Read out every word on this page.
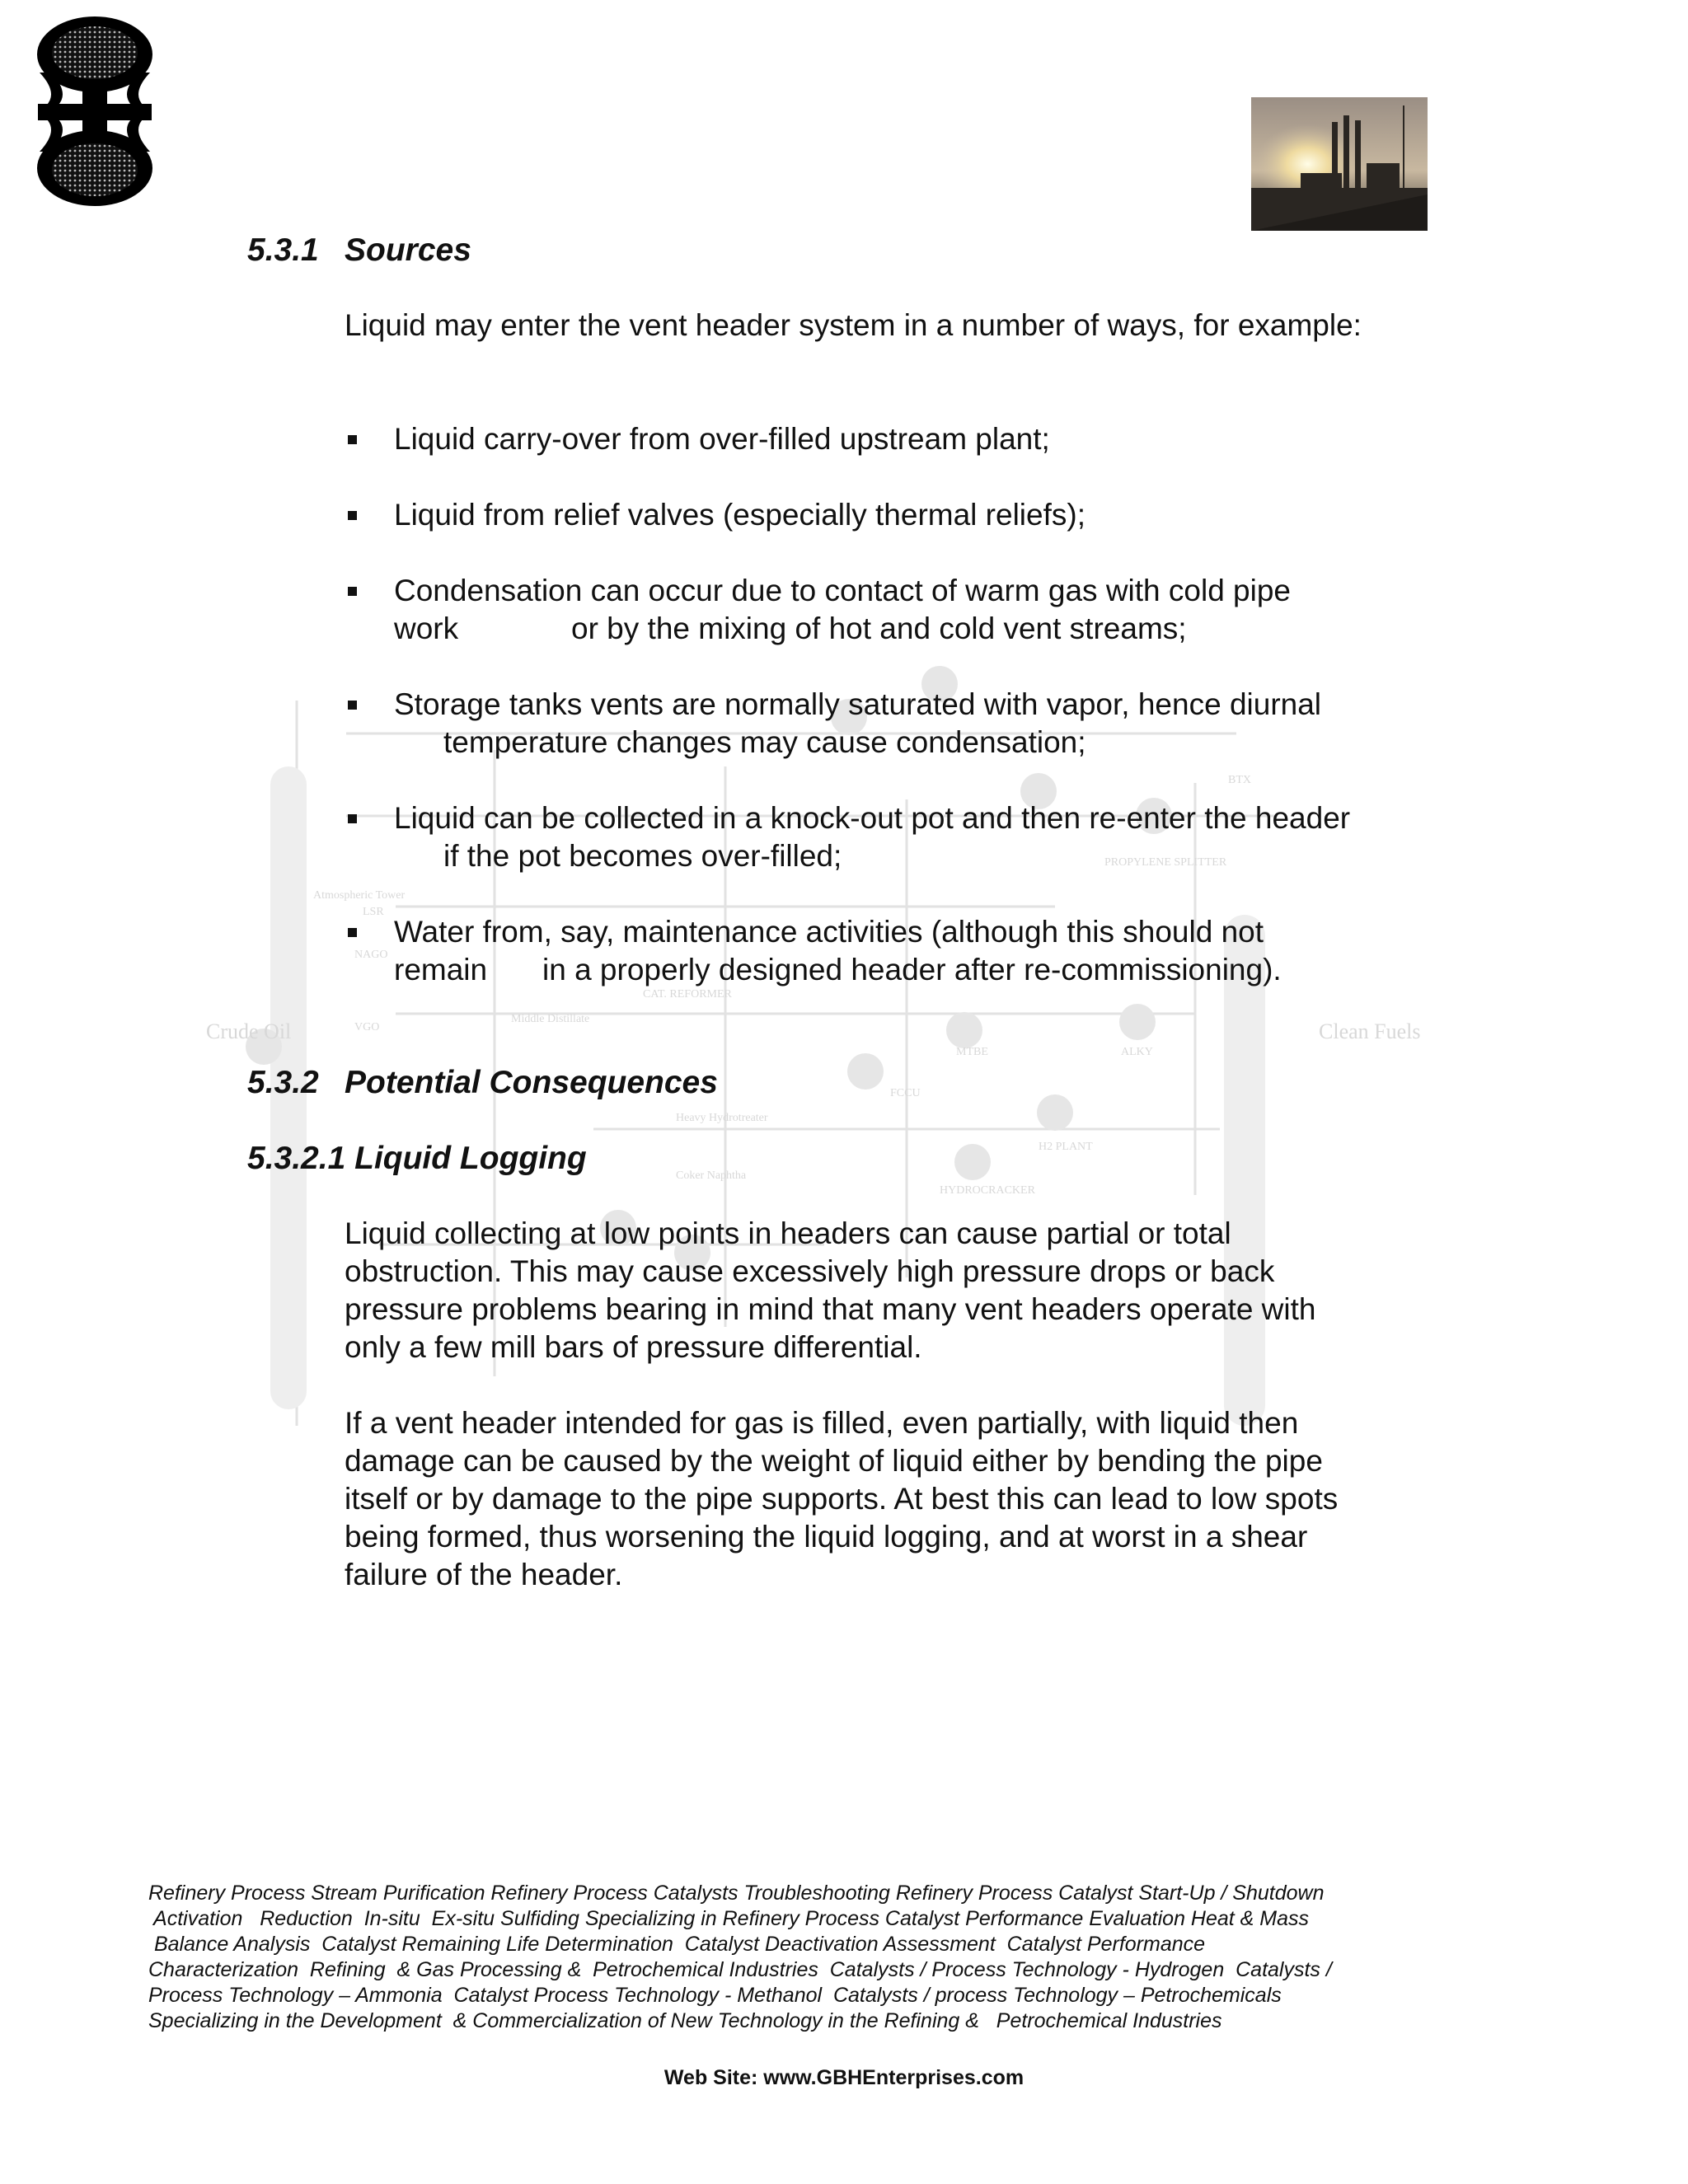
Crude Oil	Clean Fuels
LSR
NAGO
VGO
Middle Distillate
CAT. REFORMER
MTBE	ALKY
FCCU
Heavy Hydrotreater
Coker Naphtha
H2 PLANT
HYDROCRACKER
PROPYLENE SPLITTER
BTX
Atmospheric Tower
5.3.1 Sources
Liquid may enter the vent header system in a number of ways, for example:
Liquid carry-over from over-filled upstream plant;
Liquid from relief valves (especially thermal reliefs);
Condensation can occur due to contact of warm gas with cold pipe
work	or by the mixing of hot and cold vent streams;
Storage tanks vents are normally saturated with vapor, hence diurnal
temperature changes may cause condensation;
Liquid can be collected in a knock-out pot and then re-enter the header
if the pot becomes over-filled;
Water from, say, maintenance activities (although this should not
remain in a properly designed header after re-commissioning).
5.3.2 Potential Consequences
5.3.2.1 Liquid Logging
Liquid collecting at low points in headers can cause partial or total
obstruction. This may cause excessively high pressure drops or back
pressure problems bearing in mind that many vent headers operate with
only a few mill bars of pressure differential.
If a vent header intended for gas is filled, even partially, with liquid then
damage can be caused by the weight of liquid either by bending the pipe
itself or by damage to the pipe supports. At best this can lead to low spots
being formed, thus worsening the liquid logging, and at worst in a shear
failure of the header.
Refinery Process Stream Purification Refinery Process Catalysts Troubleshooting Refinery Process Catalyst Start-Up / Shutdown
Activation   Reduction  In-situ  Ex-situ Sulfiding Specializing in Refinery Process Catalyst Performance Evaluation Heat & Mass
Balance Analysis  Catalyst Remaining Life Determination  Catalyst Deactivation Assessment  Catalyst Performance
Characterization  Refining  & Gas Processing &  Petrochemical Industries  Catalysts / Process Technology - Hydrogen  Catalysts /
Process Technology – Ammonia  Catalyst Process Technology - Methanol  Catalysts / process Technology – Petrochemicals
Specializing in the Development  & Commercialization of New Technology in the Refining &   Petrochemical Industries
Web Site: www.GBHEnterprises.com
